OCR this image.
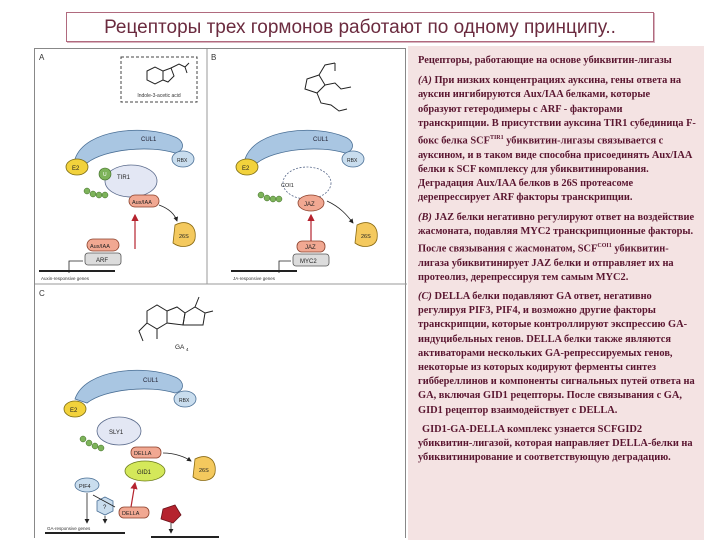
Рецепторы трех гормонов работают по одному принципу..
A
Indole-3-acetic acid
CUL1
E2
RBX
TIR1
U
Aux/IAA
26S
Aux/IAA
ARF
Auxin-responsive genes
B
CUL1
E2
RBX
COI1
JAZ
26S
JAZ
MYC2
JA-responsive genes
C
GA 4
CUL1
E2
RBX
SLY1
DELLA
GID1	26S
PIF4
DELLA
?
GA-responsive genes

Рецепторы, работающие на основе убиквитин-лигазы

(А) При низких концентрациях ауксина, гены ответа на ауксин ингибируются Aux/IAA белками, которые образуют гетеродимеры с ARF - факторами транскрипции. В присутствии ауксина TIR1 субединица F-бокс белка $SCF^{TIR1}$ убиквитин-лигазы связывается с ауксином, и в таком виде способна присоединять Aux/IAA белки к SCF комплексу для убиквитинирования. Деградация Aux/IAA белков в 26S протеасоме дерепрессирует ARF факторы транскрипции.

(B) JAZ белки негативно регулируют ответ на воздействие жасмоната, подавляя MYC2 транскрипционные факторы. После связывания с жасмонатом, $SCF^{COI1}$ убиквитин-лигаза убиквитинирует JAZ белки и отправляет их на протеолиз, дерепрессируя тем самым MYC2.

(C) DELLA белки подавляют GA ответ, негативно регулируя PIF3, PIF4, и возможно другие факторы транскрипции, которые контроллируют экспрессию GA-индуцибельных генов. DELLA белки также являются активаторами нескольких GA-репрессируемых генов, некоторые из которых кодируют ферменты синтез гиббереллинов и компоненты сигнальных путей ответа на GA, включая GID1 рецепторы. После связывания с GA, GID1 рецептор взаимодействует с DELLA.

GID1-GA-DELLA комплекс узнается SCFGID2 убиквитин-лигазой, которая направляет DELLA-белки на убиквитинирование и соответствующую деградацию.
